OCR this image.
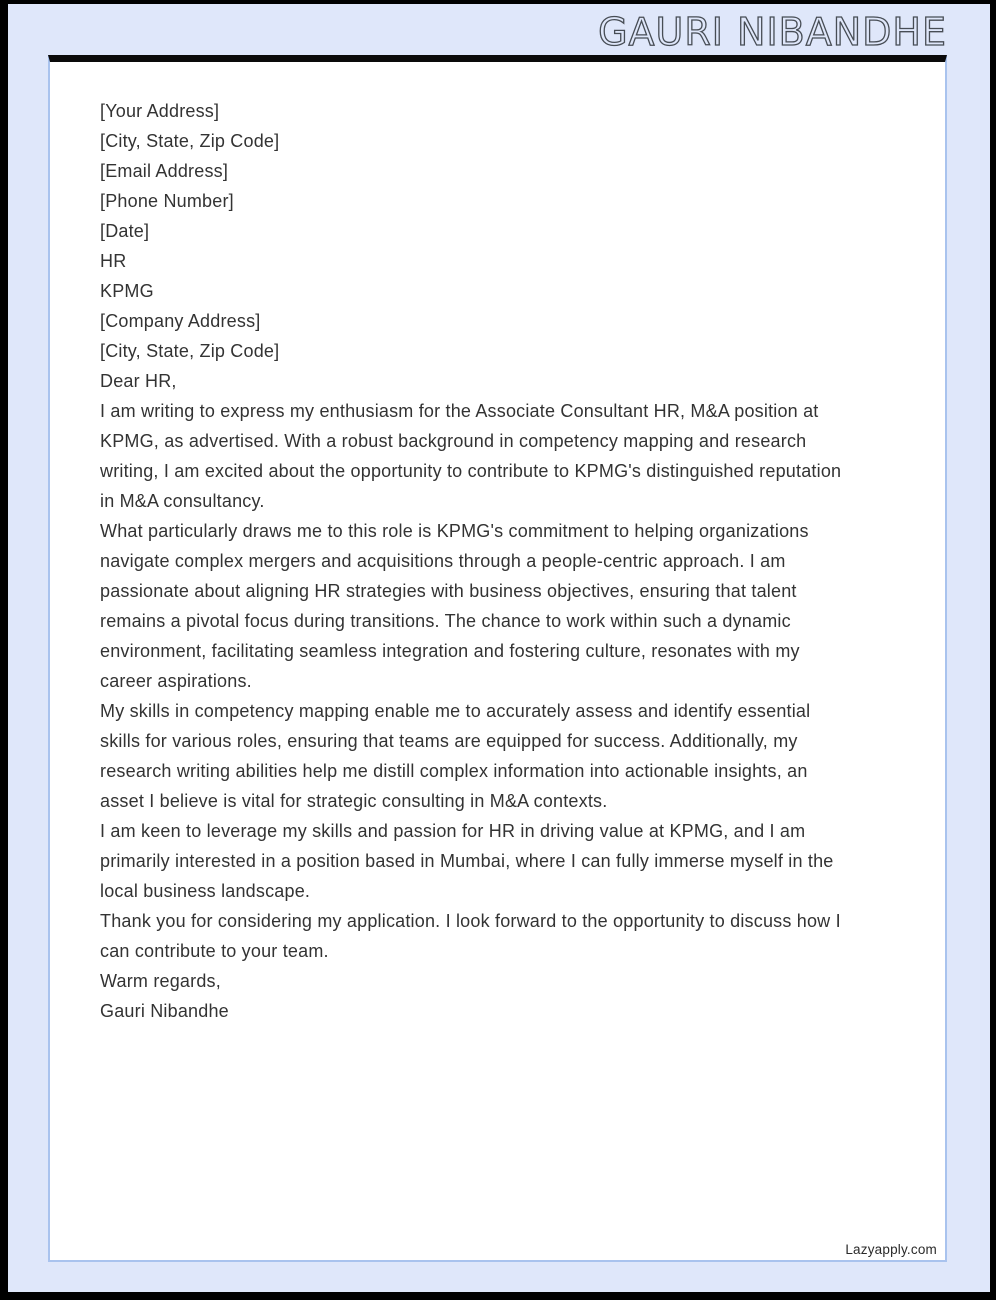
GAURI NIBANDHE
[Your Address]
[City, State, Zip Code]
[Email Address]
[Phone Number]
[Date]
HR
KPMG
[Company Address]
[City, State, Zip Code]

Dear HR,

I am writing to express my enthusiasm for the Associate Consultant HR, M&A position at KPMG, as advertised. With a robust background in competency mapping and research writing, I am excited about the opportunity to contribute to KPMG's distinguished reputation in M&A consultancy.

What particularly draws me to this role is KPMG's commitment to helping organizations navigate complex mergers and acquisitions through a people-centric approach. I am passionate about aligning HR strategies with business objectives, ensuring that talent remains a pivotal focus during transitions. The chance to work within such a dynamic environment, facilitating seamless integration and fostering culture, resonates with my career aspirations.

My skills in competency mapping enable me to accurately assess and identify essential skills for various roles, ensuring that teams are equipped for success. Additionally, my research writing abilities help me distill complex information into actionable insights, an asset I believe is vital for strategic consulting in M&A contexts.

I am keen to leverage my skills and passion for HR in driving value at KPMG, and I am primarily interested in a position based in Mumbai, where I can fully immerse myself in the local business landscape.

Thank you for considering my application. I look forward to the opportunity to discuss how I can contribute to your team.

Warm regards,

Gauri Nibandhe

Lazyapply.com
